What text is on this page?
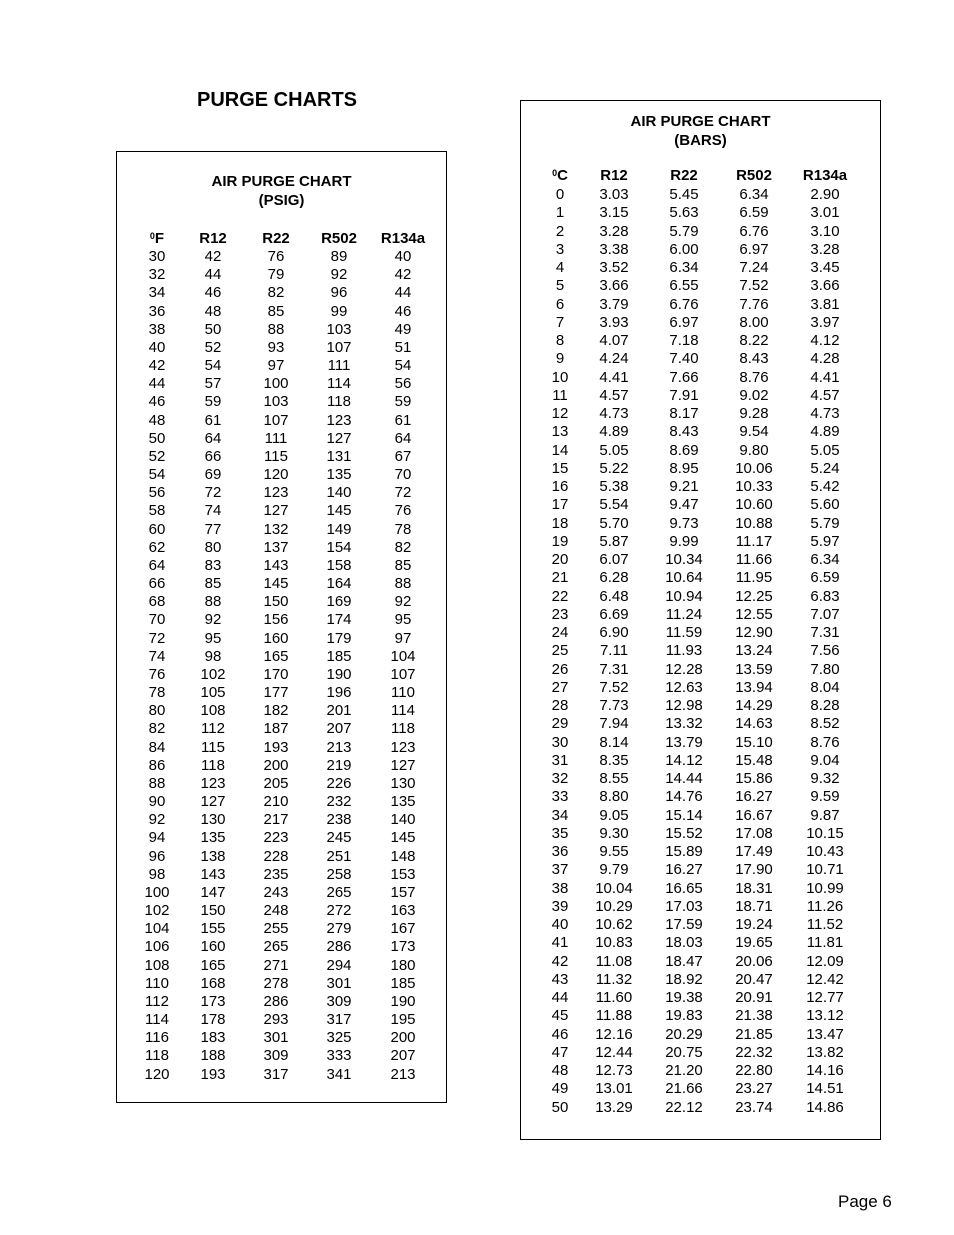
PURGE CHARTS
AIR PURGE CHART
(PSIG)
$^0$F	R12	R22	R502	R134a
30	42	76	89	40
32	44	79	92	42
34	46	82	96	44
36	48	85	99	46
38	50	88	103	49
40	52	93	107	51
42	54	97	111	54
44	57	100	114	56
46	59	103	118	59
48	61	107	123	61
50	64	111	127	64
52	66	115	131	67
54	69	120	135	70
56	72	123	140	72
58	74	127	145	76
60	77	132	149	78
62	80	137	154	82
64	83	143	158	85
66	85	145	164	88
68	88	150	169	92
70	92	156	174	95
72	95	160	179	97
74	98	165	185	104
76	102	170	190	107
78	105	177	196	110
80	108	182	201	114
82	112	187	207	118
84	115	193	213	123
86	118	200	219	127
88	123	205	226	130
90	127	210	232	135
92	130	217	238	140
94	135	223	245	145
96	138	228	251	148
98	143	235	258	153
100	147	243	265	157
102	150	248	272	163
104	155	255	279	167
106	160	265	286	173
108	165	271	294	180
110	168	278	301	185
112	173	286	309	190
114	178	293	317	195
116	183	301	325	200
118	188	309	333	207
120	193	317	341	213
AIR PURGE CHART
(BARS)
$^0$C	R12	R22	R502	R134a
0	3.03	5.45	6.34	2.90
1	3.15	5.63	6.59	3.01
2	3.28	5.79	6.76	3.10
3	3.38	6.00	6.97	3.28
4	3.52	6.34	7.24	3.45
5	3.66	6.55	7.52	3.66
6	3.79	6.76	7.76	3.81
7	3.93	6.97	8.00	3.97
8	4.07	7.18	8.22	4.12
9	4.24	7.40	8.43	4.28
10	4.41	7.66	8.76	4.41
11	4.57	7.91	9.02	4.57
12	4.73	8.17	9.28	4.73
13	4.89	8.43	9.54	4.89
14	5.05	8.69	9.80	5.05
15	5.22	8.95	10.06	5.24
16	5.38	9.21	10.33	5.42
17	5.54	9.47	10.60	5.60
18	5.70	9.73	10.88	5.79
19	5.87	9.99	11.17	5.97
20	6.07	10.34	11.66	6.34
21	6.28	10.64	11.95	6.59
22	6.48	10.94	12.25	6.83
23	6.69	11.24	12.55	7.07
24	6.90	11.59	12.90	7.31
25	7.11	11.93	13.24	7.56
26	7.31	12.28	13.59	7.80
27	7.52	12.63	13.94	8.04
28	7.73	12.98	14.29	8.28
29	7.94	13.32	14.63	8.52
30	8.14	13.79	15.10	8.76
31	8.35	14.12	15.48	9.04
32	8.55	14.44	15.86	9.32
33	8.80	14.76	16.27	9.59
34	9.05	15.14	16.67	9.87
35	9.30	15.52	17.08	10.15
36	9.55	15.89	17.49	10.43
37	9.79	16.27	17.90	10.71
38	10.04	16.65	18.31	10.99
39	10.29	17.03	18.71	11.26
40	10.62	17.59	19.24	11.52
41	10.83	18.03	19.65	11.81
42	11.08	18.47	20.06	12.09
43	11.32	18.92	20.47	12.42
44	11.60	19.38	20.91	12.77
45	11.88	19.83	21.38	13.12
46	12.16	20.29	21.85	13.47
47	12.44	20.75	22.32	13.82
48	12.73	21.20	22.80	14.16
49	13.01	21.66	23.27	14.51
50	13.29	22.12	23.74	14.86
Page 6
